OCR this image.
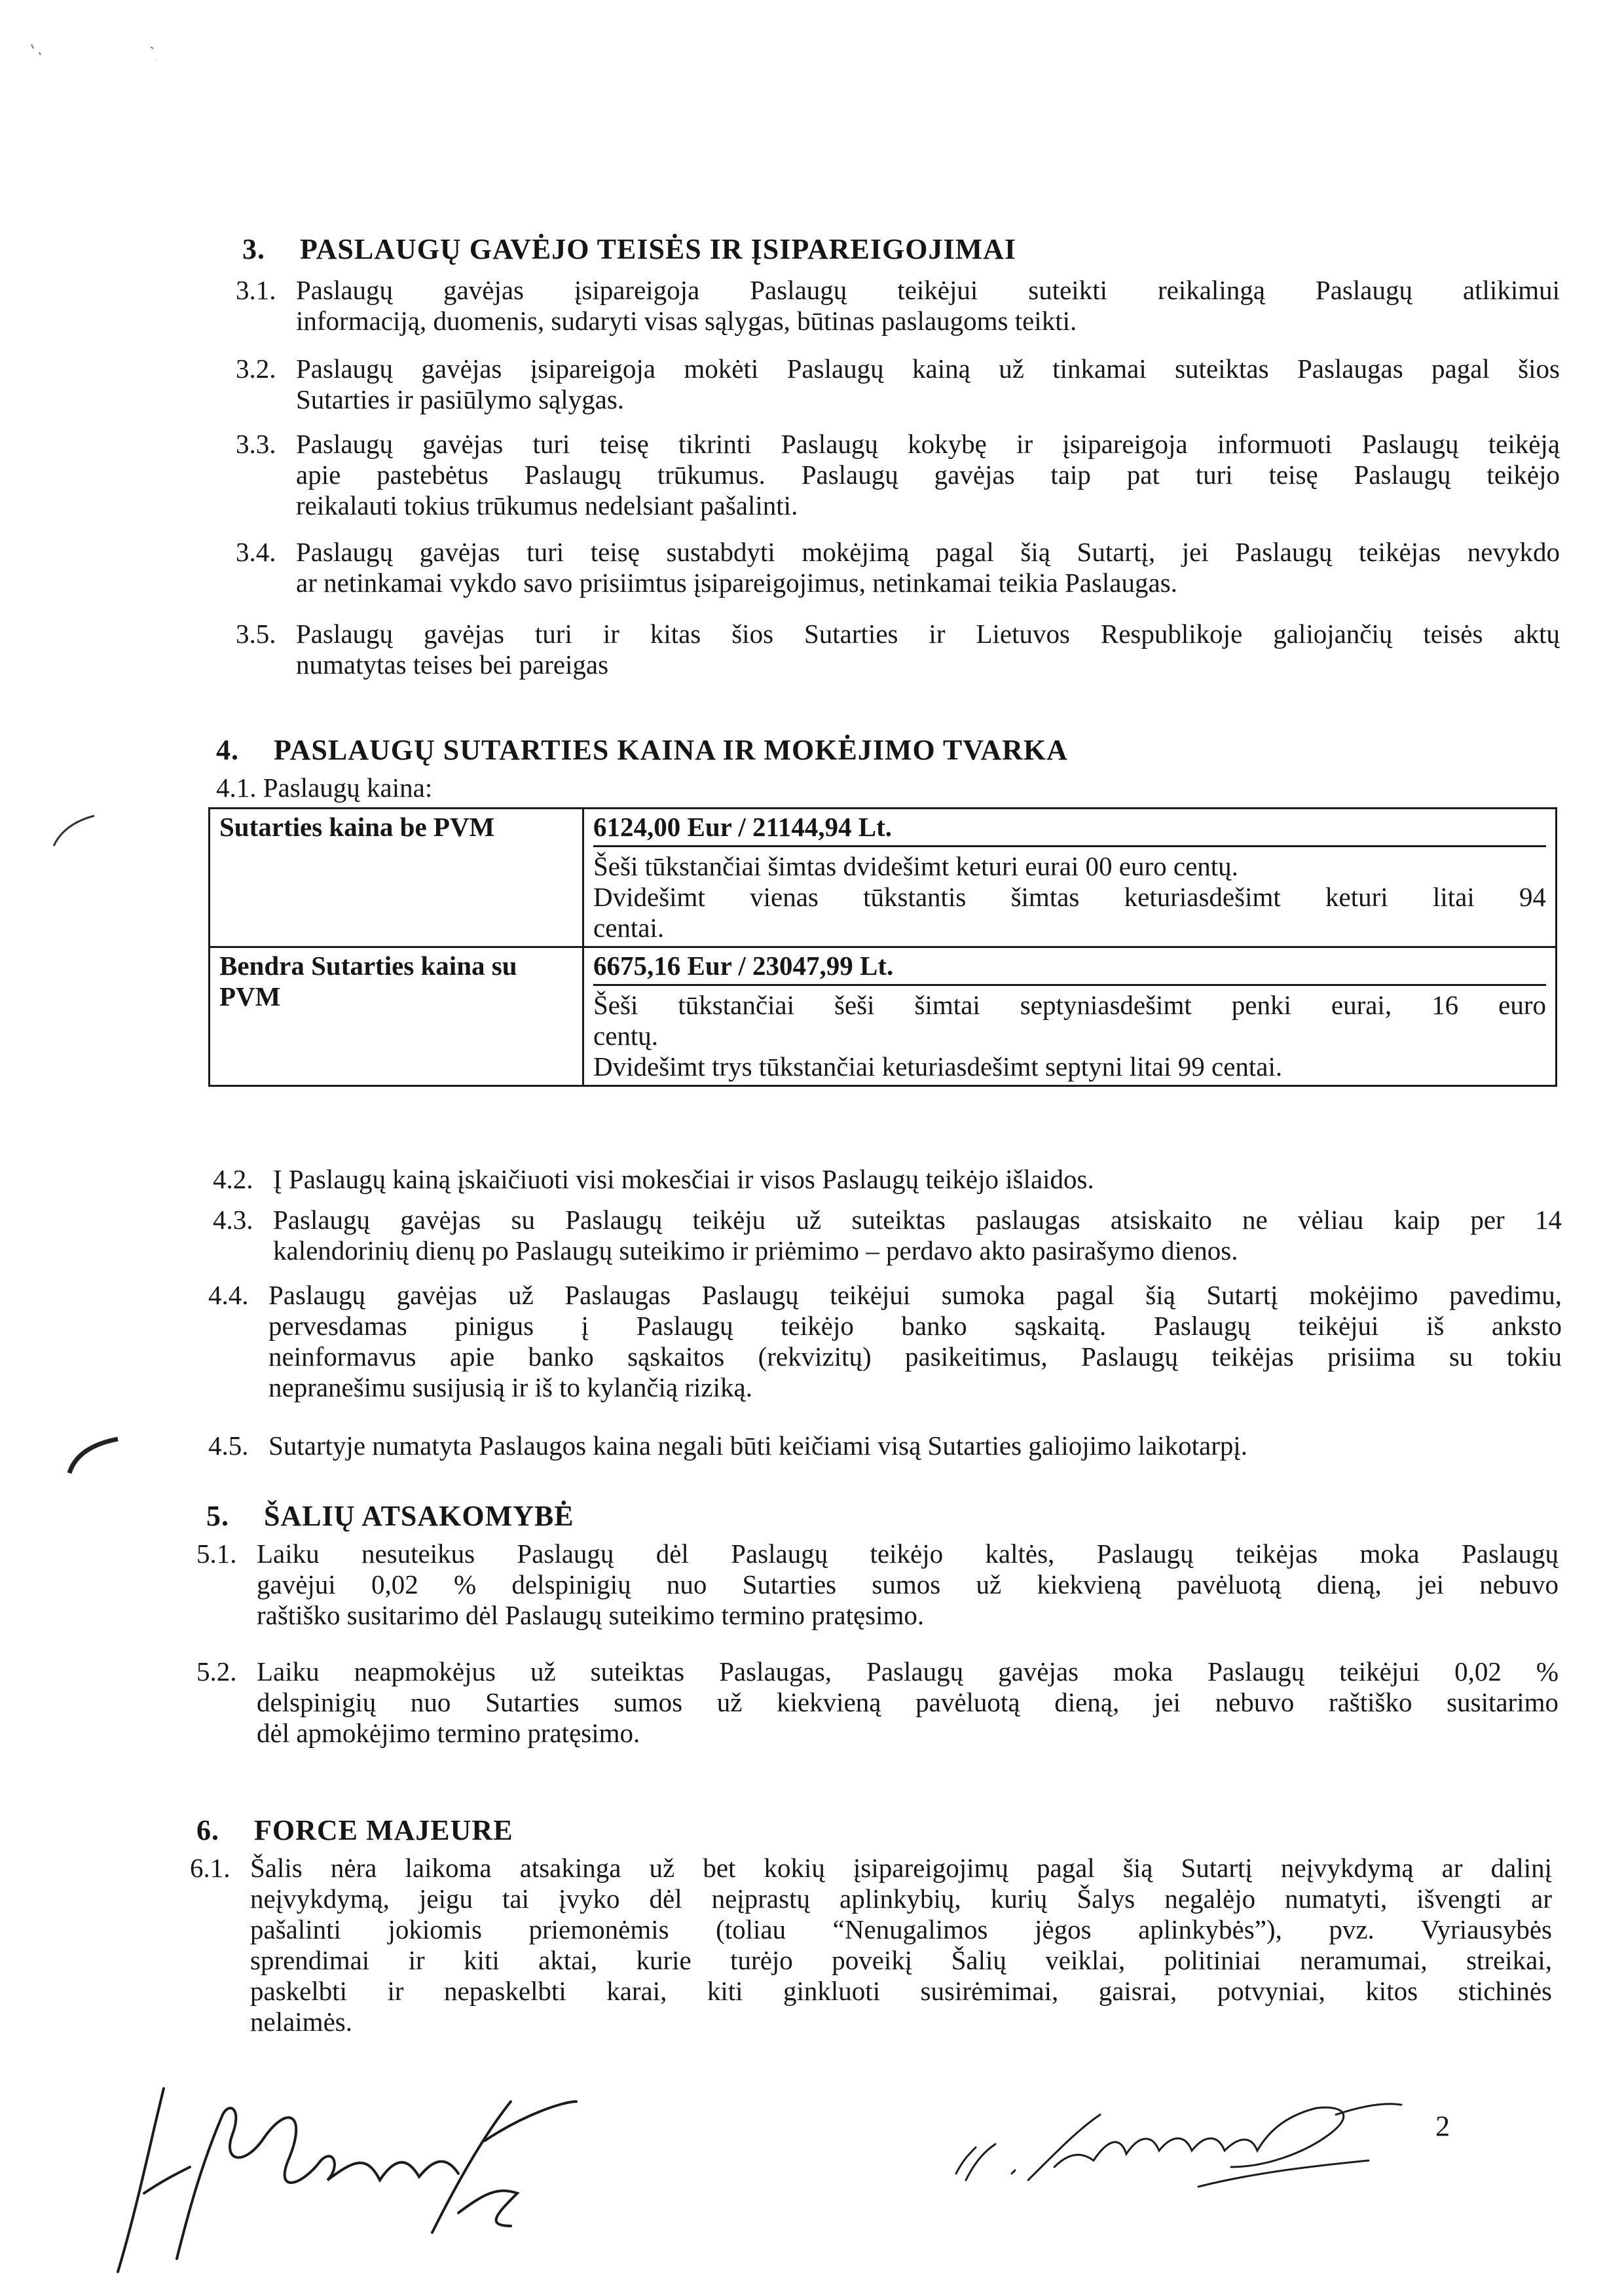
3. PASLAUGŲ GAVĖJO TEISĖS IR ĮSIPAREIGOJIMAI
3.1. Paslaugų gavėjas įsipareigoja Paslaugų teikėjui suteikti reikalingą Paslaugų atlikimui
informaciją, duomenis, sudaryti visas sąlygas, būtinas paslaugoms teikti.
3.2. Paslaugų gavėjas įsipareigoja mokėti Paslaugų kainą už tinkamai suteiktas Paslaugas pagal šios
Sutarties ir pasiūlymo sąlygas.
3.3. Paslaugų gavėjas turi teisę tikrinti Paslaugų kokybę ir įsipareigoja informuoti Paslaugų teikėją
apie pastebėtus Paslaugų trūkumus. Paslaugų gavėjas taip pat turi teisę Paslaugų teikėjo
reikalauti tokius trūkumus nedelsiant pašalinti.
3.4. Paslaugų gavėjas turi teisę sustabdyti mokėjimą pagal šią Sutartį, jei Paslaugų teikėjas nevykdo
ar netinkamai vykdo savo prisiimtus įsipareigojimus, netinkamai teikia Paslaugas.
3.5. Paslaugų gavėjas turi ir kitas šios Sutarties ir Lietuvos Respublikoje galiojančių teisės aktų
numatytas teises bei pareigas
4. PASLAUGŲ SUTARTIES KAINA IR MOKĖJIMO TVARKA
4.1. Paslaugų kaina:
Sutarties kaina be PVM	6124,00 Eur / 21144,94 Lt.
Šeši tūkstančiai šimtas dvidešimt keturi eurai 00 euro centų.
Dvidešimt vienas tūkstantis šimtas keturiasdešimt keturi litai 94
centai.

Bendra Sutarties kaina su PVM	6675,16 Eur / 23047,99 Lt.
Šeši tūkstančiai šeši šimtai septyniasdešimt penki eurai, 16 euro
centų.
Dvidešimt trys tūkstančiai keturiasdešimt septyni litai 99 centai.
4.2. Į Paslaugų kainą įskaičiuoti visi mokesčiai ir visos Paslaugų teikėjo išlaidos.
4.3. Paslaugų gavėjas su Paslaugų teikėju už suteiktas paslaugas atsiskaito ne vėliau kaip per 14
kalendorinių dienų po Paslaugų suteikimo ir priėmimo – perdavo akto pasirašymo dienos.
4.4. Paslaugų gavėjas už Paslaugas Paslaugų teikėjui sumoka pagal šią Sutartį mokėjimo pavedimu,
pervesdamas pinigus į Paslaugų teikėjo banko sąskaitą. Paslaugų teikėjui iš anksto
neinformavus apie banko sąskaitos (rekvizitų) pasikeitimus, Paslaugų teikėjas prisiima su tokiu
nepranešimu susijusią ir iš to kylančią riziką.
4.5. Sutartyje numatyta Paslaugos kaina negali būti keičiami visą Sutarties galiojimo laikotarpį.
5. ŠALIŲ ATSAKOMYBĖ
5.1. Laiku nesuteikus Paslaugų dėl Paslaugų teikėjo kaltės, Paslaugų teikėjas moka Paslaugų
gavėjui 0,02 % delspinigių nuo Sutarties sumos už kiekvieną pavėluotą dieną, jei nebuvo
raštiško susitarimo dėl Paslaugų suteikimo termino pratęsimo.
5.2. Laiku neapmokėjus už suteiktas Paslaugas, Paslaugų gavėjas moka Paslaugų teikėjui 0,02 %
delspinigių nuo Sutarties sumos už kiekvieną pavėluotą dieną, jei nebuvo raštiško susitarimo
dėl apmokėjimo termino pratęsimo.
6. FORCE MAJEURE
6.1. Šalis nėra laikoma atsakinga už bet kokių įsipareigojimų pagal šią Sutartį neįvykdymą ar dalinį
neįvykdymą, jeigu tai įvyko dėl neįprastų aplinkybių, kurių Šalys negalėjo numatyti, išvengti ar
pašalinti jokiomis priemonėmis (toliau “Nenugalimos jėgos aplinkybės”), pvz. Vyriausybės
sprendimai ir kiti aktai, kurie turėjo poveikį Šalių veiklai, politiniai neramumai, streikai,
paskelbti ir nepaskelbti karai, kiti ginkluoti susirėmimai, gaisrai, potvyniai, kitos stichinės
nelaimės.
2
